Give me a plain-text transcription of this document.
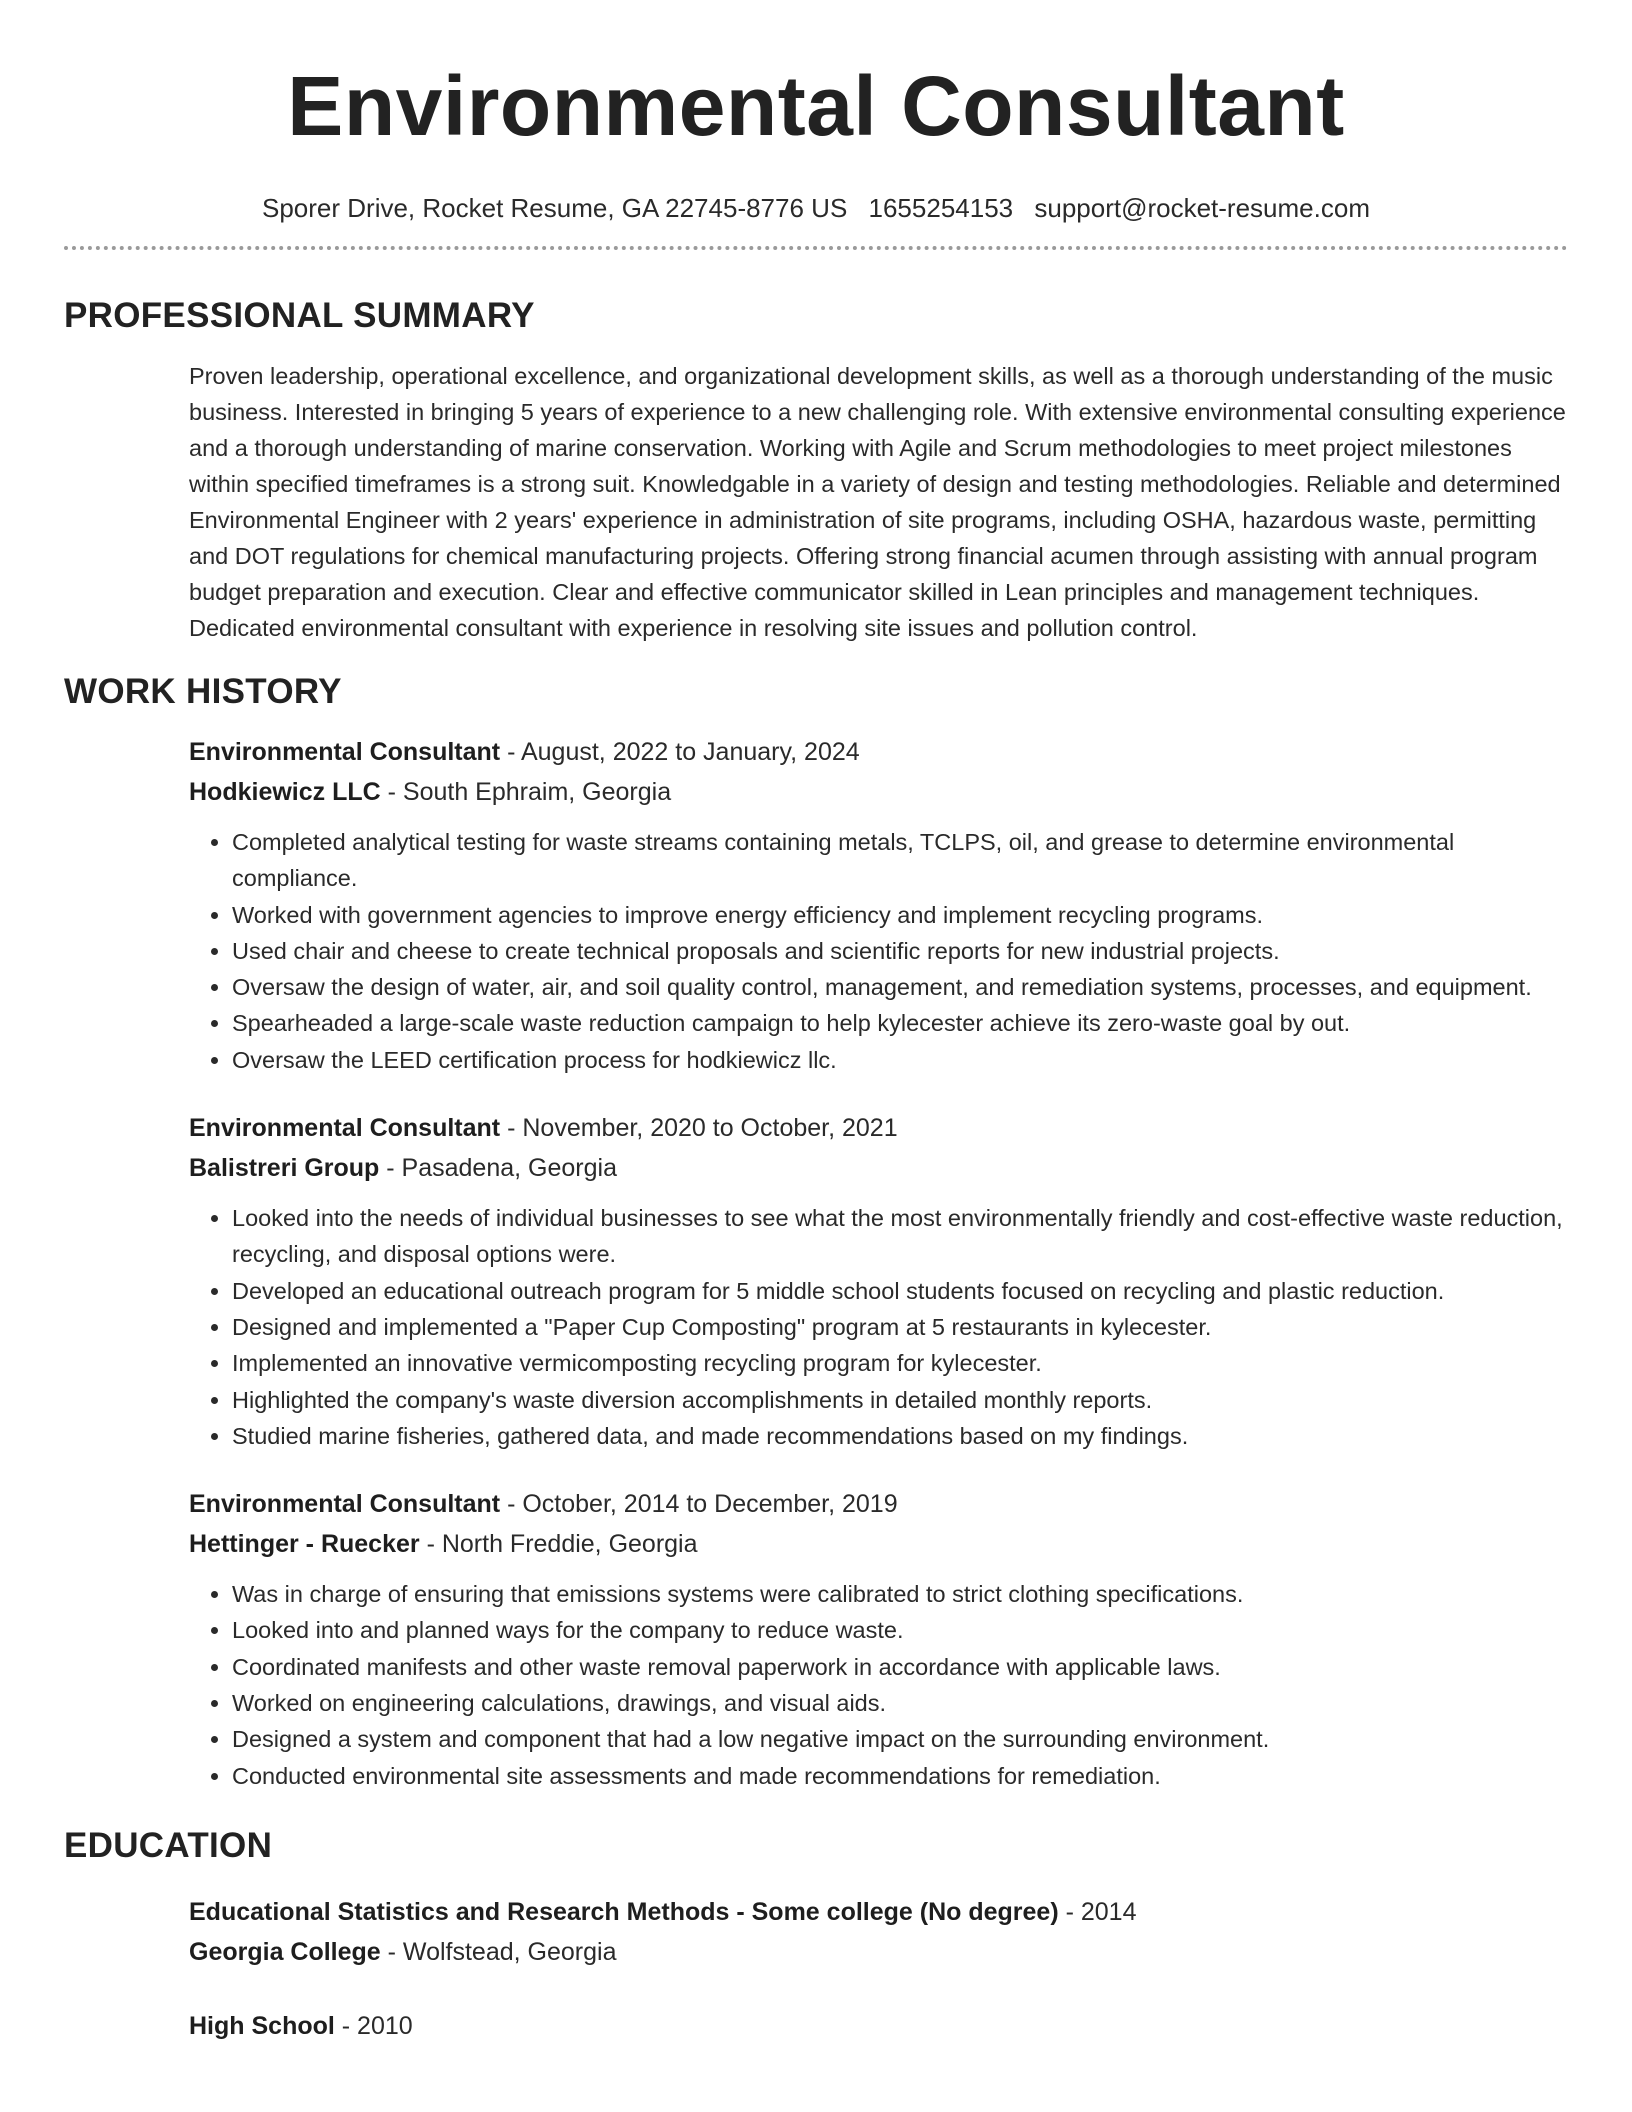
Environmental Consultant
Sporer Drive, Rocket Resume, GA 22745-8776 US 1655254153 support@rocket-resume.com
PROFESSIONAL SUMMARY

Proven leadership, operational excellence, and organizational development skills, as well as a thorough understanding of the music business. Interested in bringing 5 years of experience to a new challenging role. With extensive environmental consulting experience and a thorough understanding of marine conservation. Working with Agile and Scrum methodologies to meet project milestones within specified timeframes is a strong suit. Knowledgable in a variety of design and testing methodologies. Reliable and determined Environmental Engineer with 2 years' experience in administration of site programs, including OSHA, hazardous waste, permitting and DOT regulations for chemical manufacturing projects. Offering strong financial acumen through assisting with annual program budget preparation and execution. Clear and effective communicator skilled in Lean principles and management techniques. Dedicated environmental consultant with experience in resolving site issues and pollution control.

WORK HISTORY
Environmental Consultant - August, 2022 to January, 2024
Hodkiewicz LLC - South Ephraim, Georgia
• Completed analytical testing for waste streams containing metals, TCLPS, oil, and grease to determine environmental compliance.
• Worked with government agencies to improve energy efficiency and implement recycling programs.
• Used chair and cheese to create technical proposals and scientific reports for new industrial projects.
• Oversaw the design of water, air, and soil quality control, management, and remediation systems, processes, and equipment.
• Spearheaded a large-scale waste reduction campaign to help kylecester achieve its zero-waste goal by out.
• Oversaw the LEED certification process for hodkiewicz llc.
Environmental Consultant - November, 2020 to October, 2021
Balistreri Group - Pasadena, Georgia
• Looked into the needs of individual businesses to see what the most environmentally friendly and cost-effective waste reduction, recycling, and disposal options were.
• Developed an educational outreach program for 5 middle school students focused on recycling and plastic reduction.
• Designed and implemented a "Paper Cup Composting" program at 5 restaurants in kylecester.
• Implemented an innovative vermicomposting recycling program for kylecester.
• Highlighted the company's waste diversion accomplishments in detailed monthly reports.
• Studied marine fisheries, gathered data, and made recommendations based on my findings.
Environmental Consultant - October, 2014 to December, 2019
Hettinger - Ruecker - North Freddie, Georgia
• Was in charge of ensuring that emissions systems were calibrated to strict clothing specifications.
• Looked into and planned ways for the company to reduce waste.
• Coordinated manifests and other waste removal paperwork in accordance with applicable laws.
• Worked on engineering calculations, drawings, and visual aids.
• Designed a system and component that had a low negative impact on the surrounding environment.
• Conducted environmental site assessments and made recommendations for remediation.
EDUCATION
Educational Statistics and Research Methods - Some college (No degree) - 2014
Georgia College - Wolfstead, Georgia
High School - 2010
